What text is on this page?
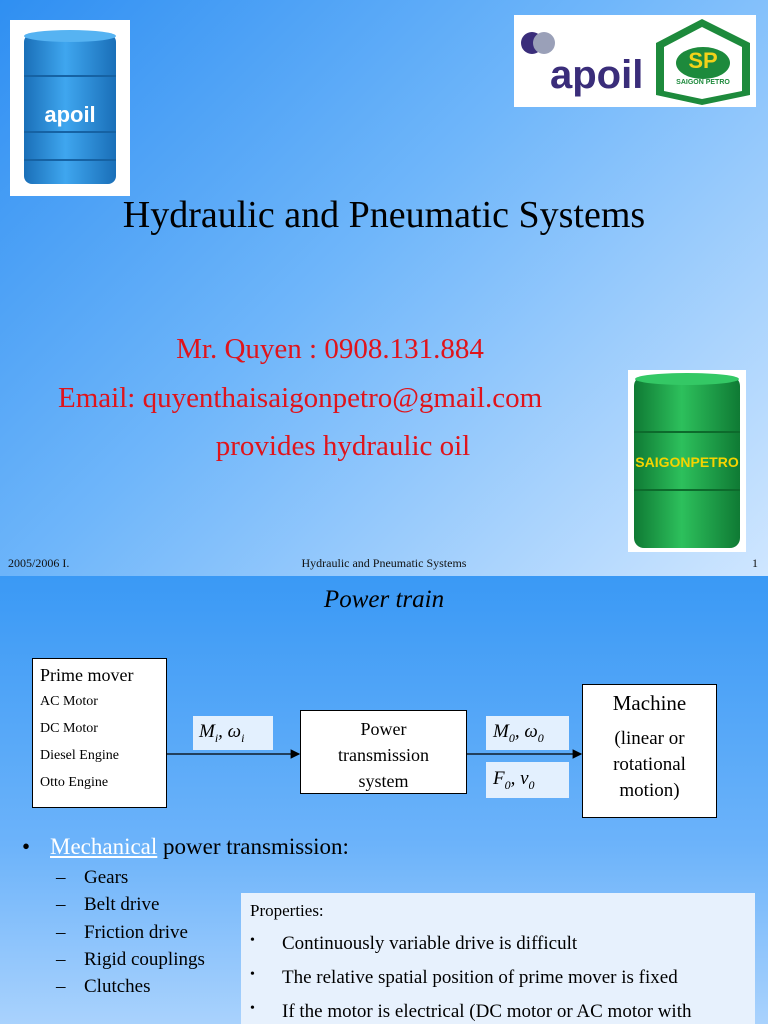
apoil
apoil	SP
SAIGON PETRO
Hydraulic and Pneumatic Systems
Mr. Quyen : 0908.131.884
Email: quyenthaisaigonpetro@gmail.com
provides hydraulic oil	SAIGONPETRO
2005/2006 I.	Hydraulic and Pneumatic Systems	1
Power train
Prime mover
AC Motor
DC Motor
Diesel Engine
Otto Engine
$M_i$, $\omega_i$	Power
transmission
system
$M_0$, $\omega_0$
$F_0$, $v_0$
Machine
(linear or
rotational
motion)
• Mechanical power transmission:
– Gears
– Belt drive
– Friction drive
– Rigid couplings
– Clutches
Properties:
• Continuously variable drive is difficult
• The relative spatial position of prime mover is fixed
• If the motor is electrical (DC motor or AC motor with
